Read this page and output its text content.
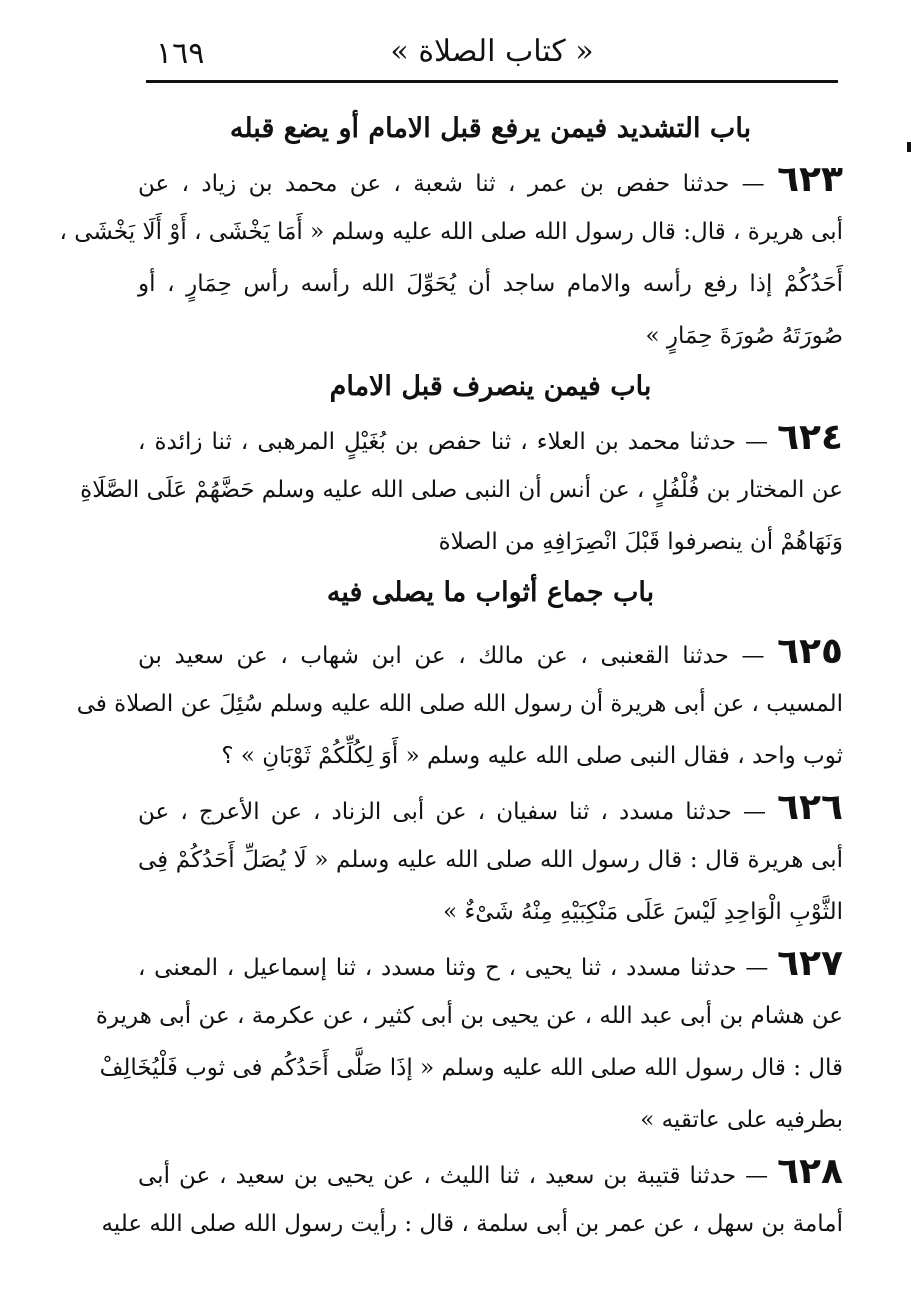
١٦٩	« كتاب الصلاة »
باب التشديد فيمن يرفع قبل الامام أو يضع قبله
٦٢٣ — حدثنا حفص بن عمر ، ثنا شعبة ، عن محمد بن زياد ، عن
أبى هريرة ، قال: قال رسول الله صلى الله عليه وسلم « أَمَا يَخْشَى ، أَوْ أَلَا يَخْشَى ،
أَحَدُكُمْ إذا رفع رأسه والامام ساجد أن يُحَوِّلَ الله رأسه رأس حِمَارٍ ، أو
صُورَتَهُ صُورَةَ حِمَارٍ »
باب فيمن ينصرف قبل الامام
٦٢٤ — حدثنا محمد بن العلاء ، ثنا حفص بن بُغَيْلٍ المرهبى ، ثنا زائدة ،
عن المختار بن فُلْفُلٍ ، عن أنس أن النبى صلى الله عليه وسلم حَضَّهُمْ عَلَى الصَّلَاةِ
وَنَهَاهُمْ أن ينصرفوا قَبْلَ انْصِرَافِهِ من الصلاة
باب جماع أثواب ما يصلى فيه
٦٢٥ — حدثنا القعنبى ، عن مالك ، عن ابن شهاب ، عن سعيد بن
المسيب ، عن أبى هريرة أن رسول الله صلى الله عليه وسلم سُئِلَ عن الصلاة فى
ثوب واحد ، فقال النبى صلى الله عليه وسلم « أَوَ لِكُلِّكُمْ ثَوْبَانِ » ؟
٦٢٦ — حدثنا مسدد ، ثنا سفيان ، عن أبى الزناد ، عن الأعرج ، عن
أبى هريرة قال : قال رسول الله صلى الله عليه وسلم « لَا يُصَلِّ أَحَدُكُمْ فِى
الثَّوْبِ الْوَاحِدِ لَيْسَ عَلَى مَنْكِبَيْهِ مِنْهُ شَىْءٌ »
٦٢٧ — حدثنا مسدد ، ثنا يحيى ، ح وثنا مسدد ، ثنا إسماعيل ، المعنى ،
عن هشام بن أبى عبد الله ، عن يحيى بن أبى كثير ، عن عكرمة ، عن أبى هريرة
قال : قال رسول الله صلى الله عليه وسلم « إذَا صَلَّى أَحَدُكُم فى ثوب فَلْيُخَالِفْ
بطرفيه على عاتقيه »
٦٢٨ — حدثنا قتيبة بن سعيد ، ثنا الليث ، عن يحيى بن سعيد ، عن أبى
أمامة بن سهل ، عن عمر بن أبى سلمة ، قال : رأيت رسول الله صلى الله عليه
